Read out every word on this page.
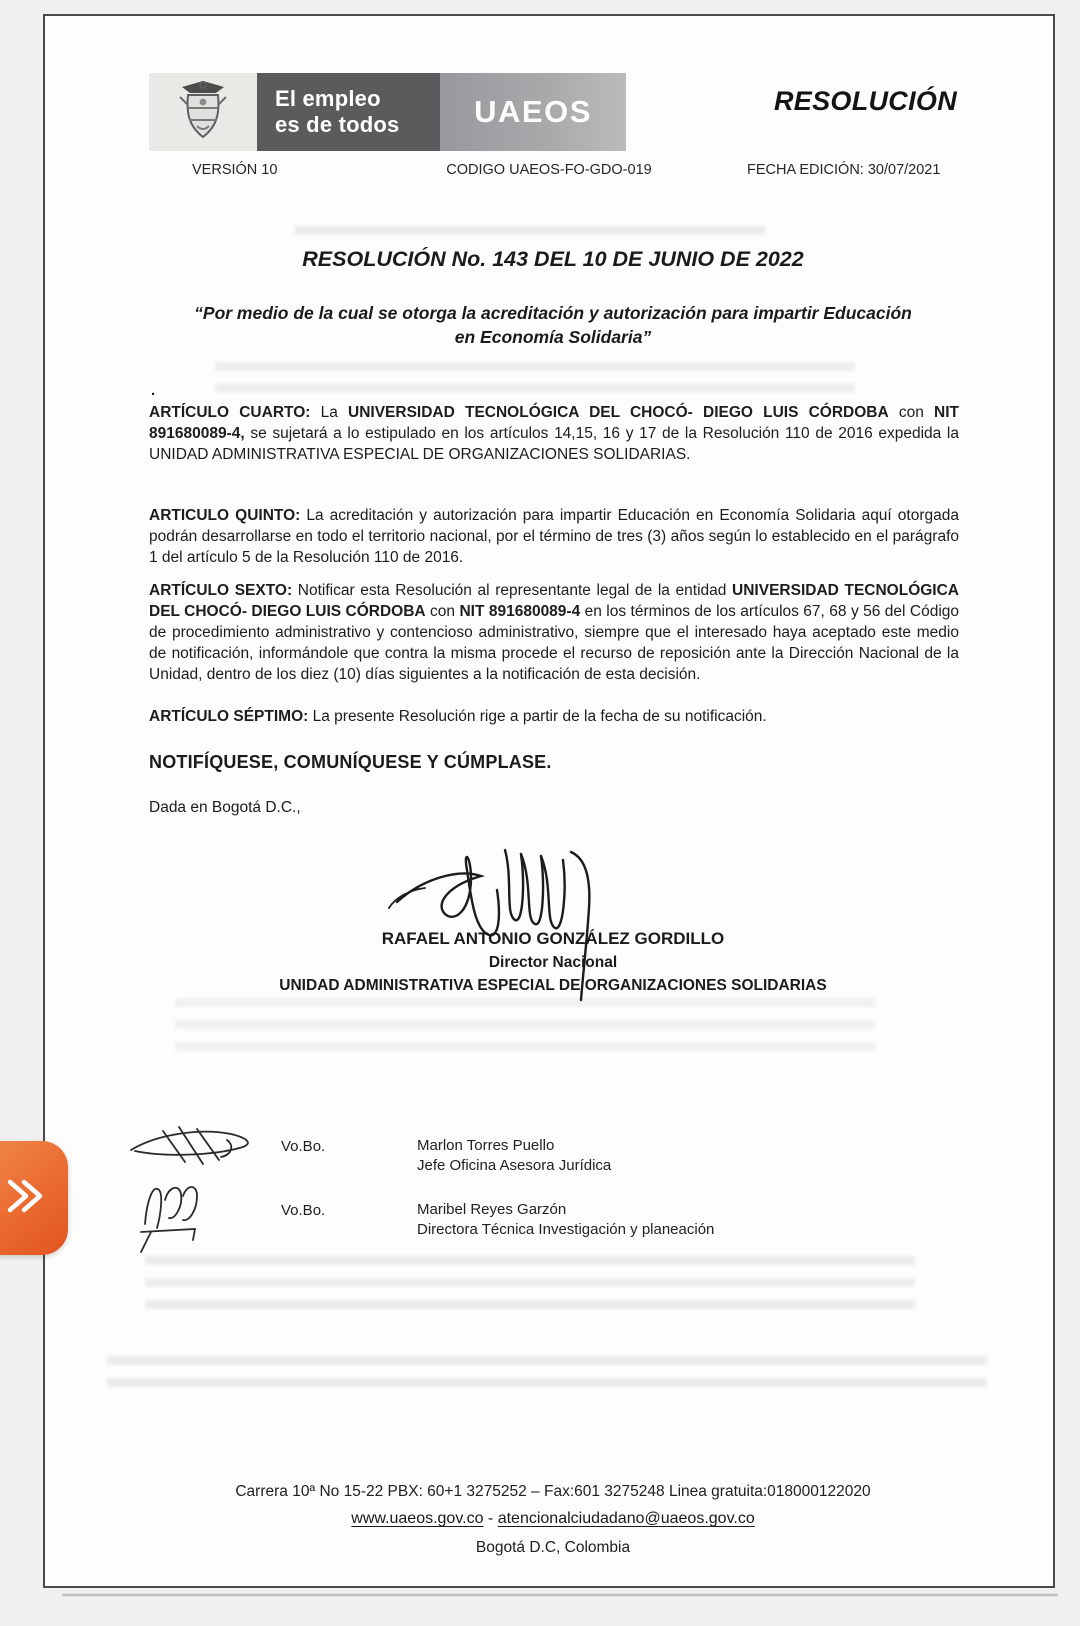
El empleo
es de todos	UAEOS	RESOLUCIÓN
VERSIÓN 10	CODIGO UAEOS-FO-GDO-019	FECHA EDICIÓN: 30/07/2021
RESOLUCIÓN No. 143 DEL 10 DE JUNIO DE 2022
“Por medio de la cual se otorga la acreditación y autorización para impartir Educación en Economía Solidaria”
.
ARTÍCULO CUARTO: La UNIVERSIDAD TECNOLÓGICA DEL CHOCÓ- DIEGO LUIS CÓRDOBA con NIT 891680089-4, se sujetará a lo estipulado en los artículos 14,15, 16 y 17 de la Resolución 110 de 2016 expedida la UNIDAD ADMINISTRATIVA ESPECIAL DE ORGANIZACIONES SOLIDARIAS.
ARTICULO QUINTO: La acreditación y autorización para impartir Educación en Economía Solidaria aquí otorgada podrán desarrollarse en todo el territorio nacional, por el término de tres (3) años según lo establecido en el parágrafo 1 del artículo 5 de la Resolución 110 de 2016.
ARTÍCULO SEXTO: Notificar esta Resolución al representante legal de la entidad UNIVERSIDAD TECNOLÓGICA DEL CHOCÓ- DIEGO LUIS CÓRDOBA con NIT 891680089-4 en los términos de los artículos 67, 68 y 56 del Código de procedimiento administrativo y contencioso administrativo, siempre que el interesado haya aceptado este medio de notificación, informándole que contra la misma procede el recurso de reposición ante la Dirección Nacional de la Unidad, dentro de los diez (10) días siguientes a la notificación de esta decisión.
ARTÍCULO SÉPTIMO: La presente Resolución rige a partir de la fecha de su notificación.
NOTIFÍQUESE, COMUNÍQUESE Y CÚMPLASE.
Dada en Bogotá D.C.,
RAFAEL ANTONIO GONZÁLEZ GORDILLO
Director Nacional
UNIDAD ADMINISTRATIVA ESPECIAL DE ORGANIZACIONES SOLIDARIAS
Vo.Bo.	Marlon Torres Puello
Jefe Oficina Asesora Jurídica
Vo.Bo.	Maribel Reyes Garzón
Directora Técnica Investigación y planeación
Carrera 10ª No 15-22 PBX: 60+1 3275252 – Fax:601 3275248 Linea gratuita:018000122020
www.uaeos.gov.co - atencionalciudadano@uaeos.gov.co
Bogotá D.C, Colombia
